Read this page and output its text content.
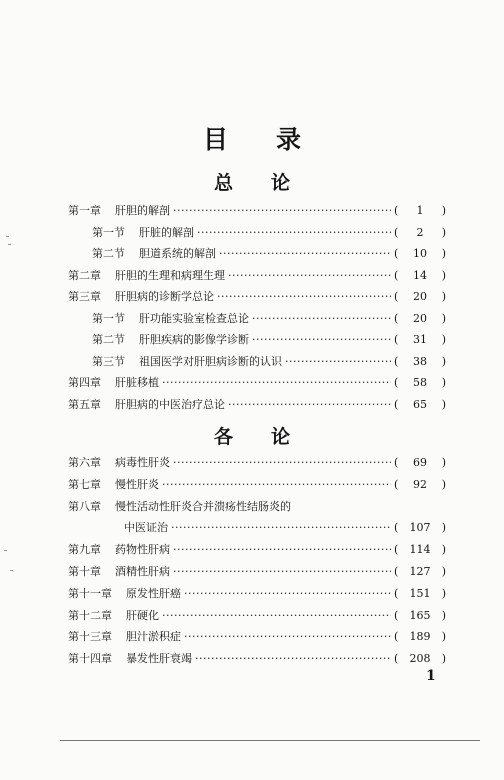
目录
总论
第一章 肝胆的解剖 ·····	(	1	)
第一节 肝脏的解剖 ·····	(	2	)
第二节 胆道系统的解剖 ·····	(	10	)
第二章 肝胆的生理和病理生理 ·····	(	14	)
第三章 肝胆病的诊断学总论 ·····	(	20	)
第一节 肝功能实验室检查总论 ·····	(	20	)
第二节 肝胆疾病的影像学诊断 ·····	(	31	)
第三节 祖国医学对肝胆病诊断的认识 ·····	(	38	)
第四章 肝脏移植 ·····	(	58	)
第五章 肝胆病的中医治疗总论 ·····	(	65	)
各论
第六章 病毒性肝炎 ·····	(	69	)
第七章 慢性肝炎 ·····	(	92	)
第八章 慢性活动性肝炎合并溃疡性结肠炎的
中医证治 ·····	(	107	)
第九章 药物性肝病 ·····	(	114	)
第十章 酒精性肝病 ·····	(	127	)
第十一章 原发性肝癌 ·····	(	151	)
第十二章 肝硬化 ·····	(	165	)
第十三章 胆汁淤积症 ·····	(	189	)
第十四章 暴发性肝衰竭 ·····	(	208	)
1
